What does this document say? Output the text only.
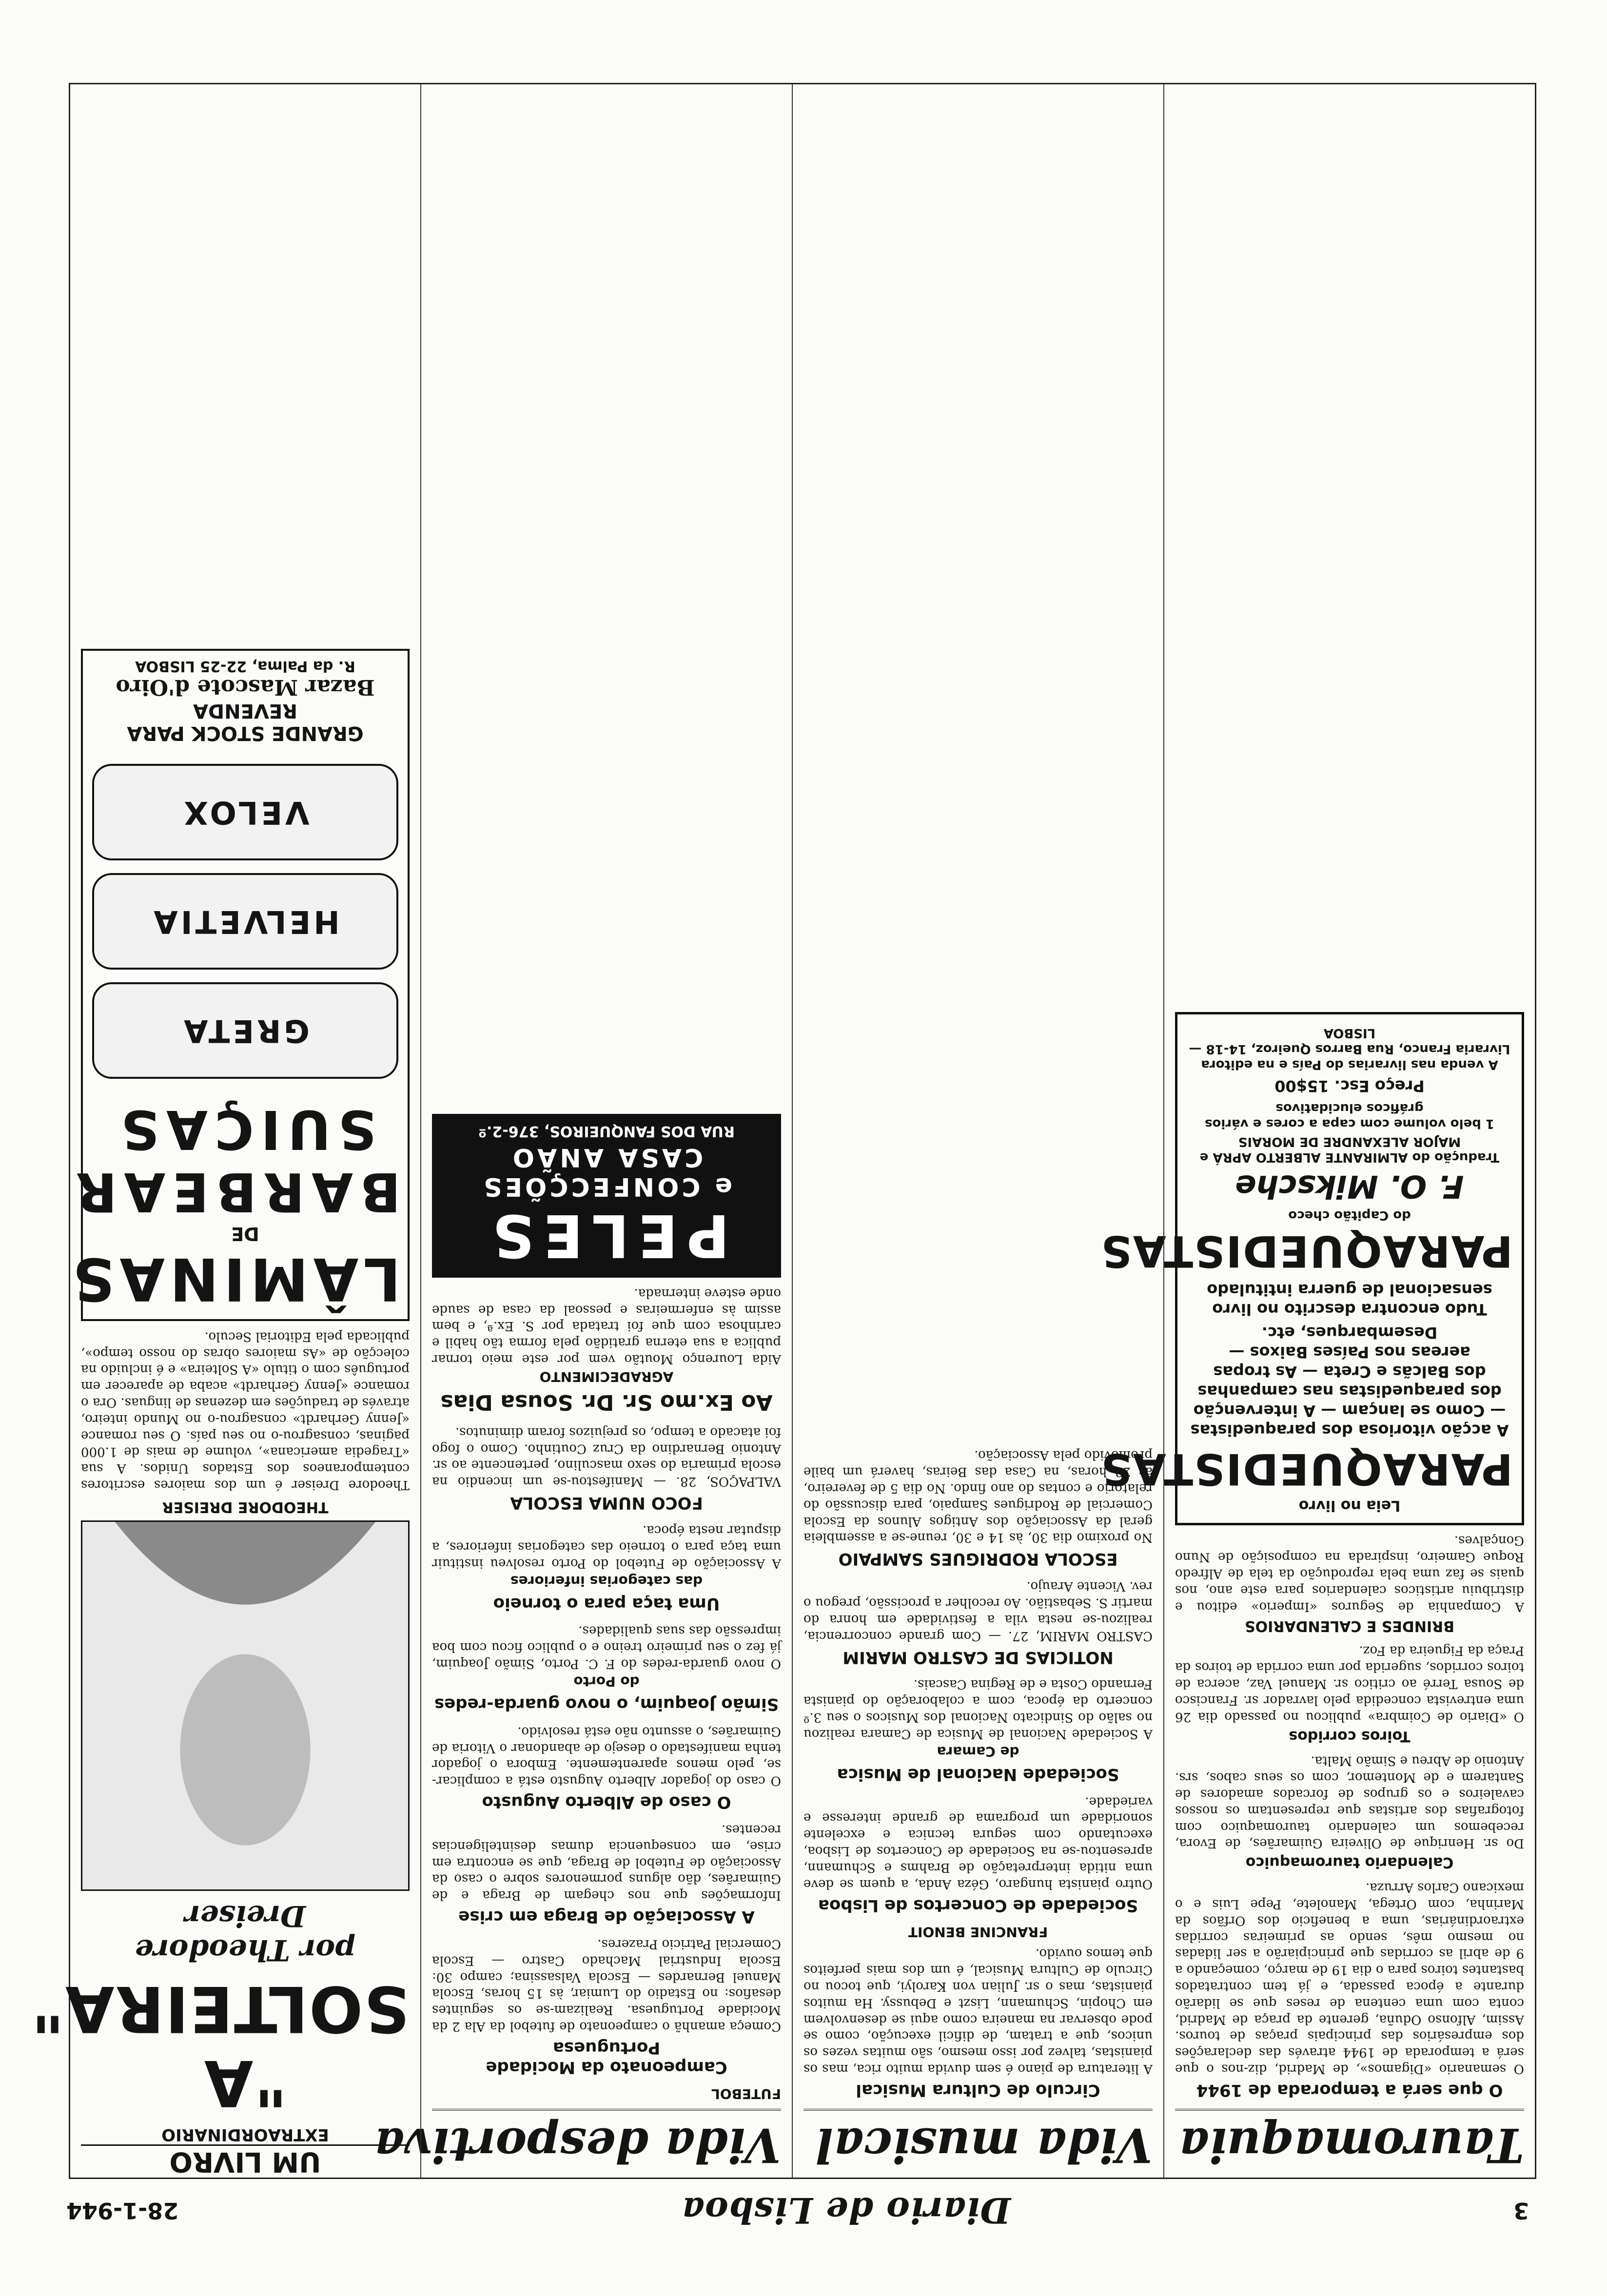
3
Diario de Lisboa
28-1-944
Tauromaquia
O que será a temporada de 1944

O semanario «Digamos», de Madrid, diz-nos o que será a temporada de 1944 através das declarações dos empresários das principais praças de touros. Assim, Alfonso Oduña, gerente da praça de Madrid, conta com uma centena de reses que se lidarão durante a época passada, e já tem contratados bastantes toiros para o dia 19 de março, começando a 9 de abril as corridas que principiarão a ser lidadas no mesmo mês, sendo as primeiras corridas extraordinárias, uma a beneficio dos Orfãos da Marinha, com Ortega, Manolete, Pepe Luis e o mexicano Carlos Arruza.

Calendario tauromaquico

Do sr. Henrique de Oliveira Guimarães, de Evora, recebemos um calendario tauromaquico com fotografias dos artistas que representam os nossos cavaleiros e os grupos de forcados amadores de Santarem e de Montemor, com os seus cabos, srs. Antonio de Abreu e Simão Malta.

Toiros corridos

O «Diario de Coimbra» publicou no passado dia 26 uma entrevista concedida pelo lavrador sr. Francisco de Sousa Terré ao critico sr. Manuel Vaz, acerca de toiros corridos, sugerida por uma corrida de toiros da Praça da Figueira da Foz.

BRINDES E CALENDARIOS

A Companhia de Seguros «Imperio» editou e distribuiu artisticos calendarios para este ano, nos quais se faz uma bela reprodução da tela de Alfredo Roque Gameiro, inspirada na composição de Nuno Gonçalves.

Leia no livro
PARAQUEDISTAS
A acção vitoriosa dos paraquedistas — Como se lançam — A intervenção dos paraquedistas nas campanhas dos Balcãs e Creta — As tropas aereas nos Países Baixos — Desembarques, etc.
Tudo encontra descrito no livro sensacional de guerra intitulado
PARAQUEDISTAS
do Capitão checo
F. O. Miksche
Tradução do ALMIRANTE ALBERTO APRÁ e MAJOR ALEXANDRE DE MORAIS
1 belo volume com capa a cores e vários gráficos elucidativos
Preço Esc. 15$00
A venda nas livrarias do País e na editora Livraria Franco, Rua Barros Queiroz, 14-18 — LISBOA
Vida musical
Circulo de Cultura Musical

A literatura de piano é sem duvida muito rica, mas os pianistas, talvez por isso mesmo, são muitas vezes os unicos, que a tratam, de dificil execução, como se pode observar na maneira como aqui se desenvolvem em Chopin, Schumann, Liszt e Debussy. Ha muitos pianistas, mas o sr. Julian von Karolyi, que tocou no Circulo de Cultura Musical, é um dos mais perfeitos que temos ouvido.

FRANCINE BENOIT
Sociedade de Concertos de Lisboa

Outro pianista hungaro, Géza Anda, a quem se deve uma nitida interpretação de Brahms e Schumann, apresentou-se na Sociedade de Concertos de Lisboa, executando com segura tecnica e excelente sonoridade um programa de grande interesse e variedade.

Sociedade Nacional de Musica
de Camara

A Sociedade Nacional de Musica de Camara realizou no salão do Sindicato Nacional dos Musicos o seu 3.º concerto da época, com a colaboração do pianista Fernando Costa e de Regina Cascais.

NOTICIAS DE CASTRO MARIM

CASTRO MARIM, 27. — Com grande concorrencia, realizou-se nesta vila a festividade em honra do martir S. Sebastião. Ao recolher a procissão, pregou o rev. Vicente Araujo.

ESCOLA RODRIGUES SAMPAIO

No proximo dia 30, às 14 e 30, reune-se a assembleia geral da Associação dos Antigos Alunos da Escola Comercial de Rodrigues Sampaio, para discussão do relatorio e contas do ano findo. No dia 5 de fevereiro, às 22 horas, na Casa das Beiras, haverá um baile promovido pela Associação.

Vida desportiva
FUTEBOL
Campeonato da Mocidade Portuguesa

Começa amanhã o campeonato de futebol da Ala 2 da Mocidade Portuguesa. Realizam-se os seguintes desafios: no Estadio do Lumiar, às 15 horas, Escola Manuel Bernardes — Escola Valsassina; campo 30: Escola Industrial Machado Castro — Escola Comercial Patricio Prazeres.

A Associação de Braga em crise

Informações que nos chegam de Braga e de Guimarães, dão alguns pormenores sobre o caso da Associação de Futebol de Braga, que se encontra em crise, em consequencia dumas desinteligencias recentes.

O caso de Alberto Augusto

O caso do jogador Alberto Augusto está a complicar-se, pelo menos aparentemente. Embora o jogador tenha manifestado o desejo de abandonar o Vitoria de Guimarães, o assunto não está resolvido.

Simão Joaquim, o novo guarda-redes
do Porto

O novo guarda-redes do F. C. Porto, Simão Joaquim, já fez o seu primeiro treino e o publico ficou com boa impressão das suas qualidades.

Uma taça para o torneio
das categorias inferiores

A Associação de Futebol do Porto resolveu instituir uma taça para o torneio das categorias inferiores, a disputar nesta época.

FOCO NUMA ESCOLA

VALPAÇOS, 28. — Manifestou-se um incendio na escola primaria do sexo masculino, pertencente ao sr. Antonio Bernardino da Cruz Coutinho. Como o fogo foi atacado a tempo, os prejuizos foram diminutos.

Ao Ex.mo Sr. Dr. Sousa Dias
AGRADECIMENTO

Aida Lourenço Moutão vem por este meio tornar publica a sua eterna gratidão pela forma tão habil e carinhosa com que foi tratada por S. Ex.ª, e bem assim às enfermeiras e pessoal da casa de saude onde esteve internada.

PELES
e CONFECÇÕES CASA ANÃO
RUA DOS FANQUEIROS, 376-2.º
UM LIVRO
EXTRAORDINARIO
"A SOLTEIRA"
por Theodore Dreiser
THEODORE DREISER

Theodore Dreiser é um dos maiores escritores contemporaneos dos Estados Unidos. A sua «Tragedia americana», volume de mais de 1.000 paginas, consagrou-o no seu país. O seu romance «Jenny Gerhardt» consagrou-o no Mundo inteiro, através de traduções em dezenas de linguas. Ora o romance «Jenny Gerhardt» acaba de aparecer em português com o titulo «A Solteira» e é incluido na colecção de «As maiores obras do nosso tempo», publicada pela Editorial Seculo.

LÂMINAS
DE
BARBEAR SUIÇAS
GRETA
HELVETIA
VELOX
GRANDE STOCK PARA REVENDA
Bazar Mascote d'Oiro
R. da Palma, 22-25 LISBOA
